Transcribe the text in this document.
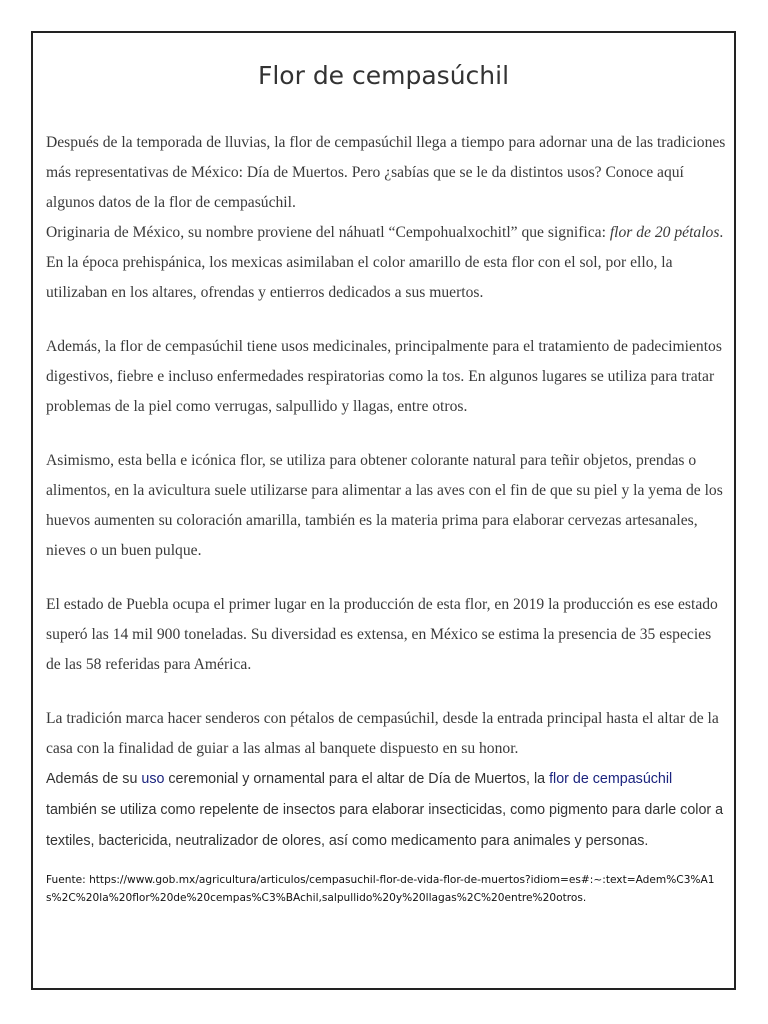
Flor de cempasúchil

Después de la temporada de lluvias, la flor de cempasúchil llega a tiempo para adornar una de las tradiciones más representativas de México: Día de Muertos. Pero ¿sabías que se le da distintos usos? Conoce aquí algunos datos de la flor de cempasúchil.

Originaria de México, su nombre proviene del náhuatl “Cempohualxochitl” que significa: flor de 20 pétalos. En la época prehispánica, los mexicas asimilaban el color amarillo de esta flor con el sol, por ello, la utilizaban en los altares, ofrendas y entierros dedicados a sus muertos.

Además, la flor de cempasúchil tiene usos medicinales, principalmente para el tratamiento de padecimientos digestivos, fiebre e incluso enfermedades respiratorias como la tos. En algunos lugares se utiliza para tratar problemas de la piel como verrugas, salpullido y llagas, entre otros.

Asimismo, esta bella e icónica flor, se utiliza para obtener colorante natural para teñir objetos, prendas o alimentos, en la avicultura suele utilizarse para alimentar a las aves con el fin de que su piel y la yema de los huevos aumenten su coloración amarilla, también es la materia prima para elaborar cervezas artesanales, nieves o un buen pulque.

El estado de Puebla ocupa el primer lugar en la producción de esta flor, en 2019 la producción es ese estado superó las 14 mil 900 toneladas. Su diversidad es extensa, en México se estima la presencia de 35 especies de las 58 referidas para América.

La tradición marca hacer senderos con pétalos de cempasúchil, desde la entrada principal hasta el altar de la casa con la finalidad de guiar a las almas al banquete dispuesto en su honor.

Además de su uso ceremonial y ornamental para el altar de Día de Muertos, la flor de cempasúchil también se utiliza como repelente de insectos para elaborar insecticidas, como pigmento para darle color a textiles, bactericida, neutralizador de olores, así como medicamento para animales y personas.

Fuente: https://www.gob.mx/agricultura/articulos/cempasuchil-flor-de-vida-flor-de-muertos?idiom=es#:~:text=Adem%C3%A1s%2C%20la%20flor%20de%20cempas%C3%BAchil,salpullido%20y%20llagas%2C%20entre%20otros.
